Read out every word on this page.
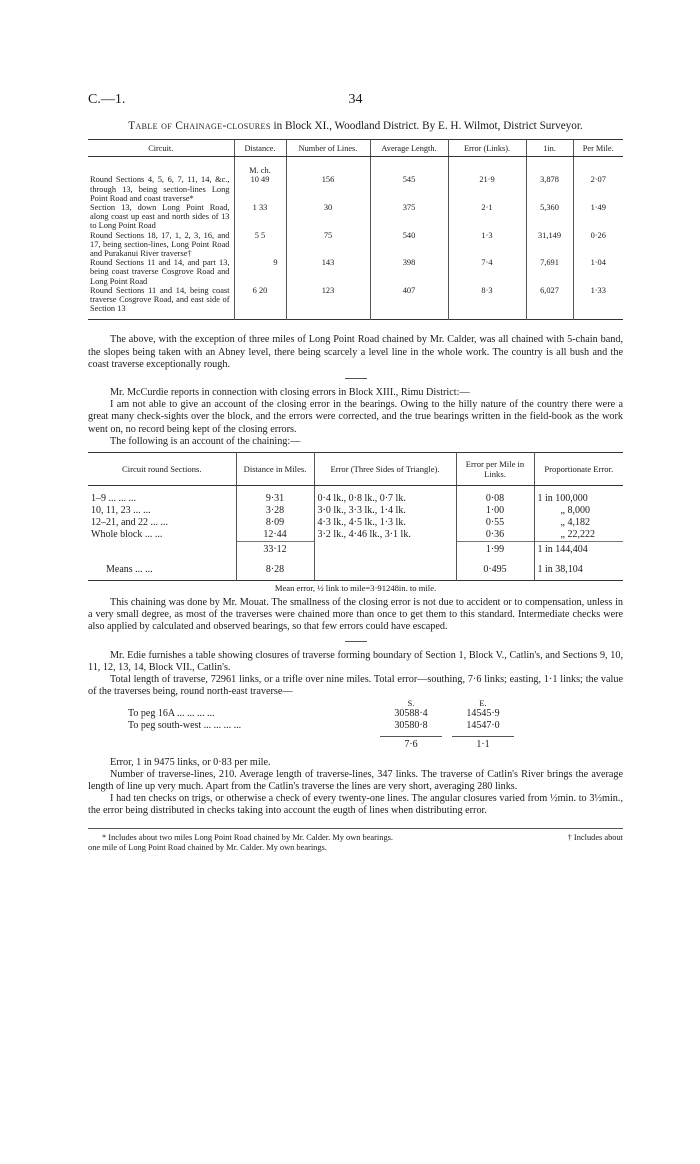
C.—1.	34
Table of Chainage-closures in Block XI., Woodland District. By E. H. Wilmot, District Surveyor.
Circuit.	Distance.	Number of Lines.	Average Length.	Error (Links).	1in.	Per Mile.

	M. ch.					
Round Sections 4, 5, 6, 7, 11, 14, &c., through 13, being section-lines Long Point Road and coast traverse*	10 49	156	545	21·9	3,878	2·07
Section 13, down Long Point Road, along coast up east and north sides of 13 to Long Point Road	1 33	30	375	2·1	5,360	1·49
Round Sections 18, 17, 1, 2, 3, 16, and 17, being section-lines, Long Point Road and Purakanui River traverse†	5 5	75	540	1·3	31,149	0·26
Round Sections 11 and 14, and part 13, being coast traverse Cosgrove Road and Long Point Road	9	143	398	7·4	7,691	1·04
Round Sections 11 and 14, being coast traverse Cosgrove Road, and east side of Section 13	6 20	123	407	8·3	6,027	1·33

The above, with the exception of three miles of Long Point Road chained by Mr. Calder, was all chained with 5-chain band, the slopes being taken with an Abney level, there being scarcely a level line in the whole work. The country is all bush and the coast traverse exceptionally rough.

Mr. McCurdie reports in connection with closing errors in Block XIII., Rimu District:—

I am not able to give an account of the closing error in the bearings. Owing to the hilly nature of the country there were a great many check-sights over the block, and the errors were corrected, and the true bearings written in the field-book as the work went on, no record being kept of the closing errors.

The following is an account of the chaining:—

Circuit round Sections.	Distance in Miles.	Error (Three Sides of Triangle).	Error per Mile in Links.	Proportionate Error.

1–9 ... ... ...	9·31	0·4 lk., 0·8 lk., 0·7 lk.	0·08	1 in 100,000
10, 11, 23 ... ...	3·28	3·0 lk., 3·3 lk., 1·4 lk.	1·00	„ 8,000
12–21, and 22 ... ...	8·09	4·3 lk., 4·5 lk., 1·3 lk.	0·55	„ 4,182
Whole block ... ...	12·44	3·2 lk., 4·46 lk., 3·1 lk.	0·36	„ 22,222
	33·12		1·99	1 in 144,404
Means ... ...	8·28		0·495	1 in 38,104
Mean error, ½ link to mile=3·91248in. to mile.

This chaining was done by Mr. Mouat. The smallness of the closing error is not due to accident or to compensation, unless in a very small degree, as most of the traverses were chained more than once to get them to this standard. Intermediate checks were also applied by calculated and observed bearings, so that few errors could have escaped.

Mr. Edie furnishes a table showing closures of traverse forming boundary of Section 1, Block V., Catlin's, and Sections 9, 10, 11, 12, 13, 14, Block VII., Catlin's.

Total length of traverse, 72961 links, or a trifle over nine miles. Total error—southing, 7·6 links; easting, 1·1 links; the value of the traverses being, round north-east traverse—

S.	E.
To peg 16A ... ... ... ...	30588·4	14545·9
To peg south-west ... ... ... ...	30580·8	14547·0
7·6	1·1

Error, 1 in 9475 links, or 0·83 per mile.

Number of traverse-lines, 210. Average length of traverse-lines, 347 links. The traverse of Catlin's River brings the average length of line up very much. Apart from the Catlin's traverse the lines are very short, averaging 280 links.

I had ten checks on trigs, or otherwise a check of every twenty-one lines. The angular closures varied from ½min. to 3½min., the error being distributed in checks taking into account the eugth of lines when distributing error.

* Includes about two miles Long Point Road chained by Mr. Calder. My own bearings.	† Includes about
one mile of Long Point Road chained by Mr. Calder. My own bearings.
